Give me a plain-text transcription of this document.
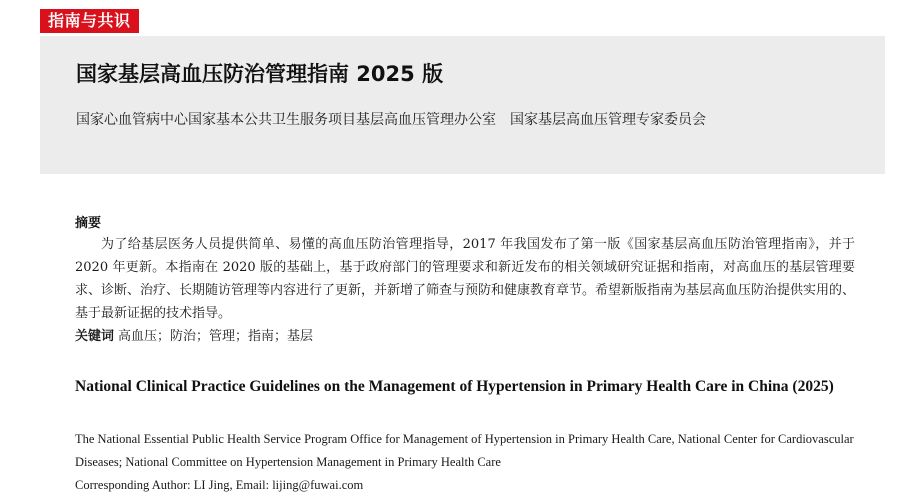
指南与共识
国家基层高血压防治管理指南 2025 版
国家心血管病中心国家基本公共卫生服务项目基层高血压管理办公室　国家基层高血压管理专家委员会
摘要

为了给基层医务人员提供简单、易懂的高血压防治管理指导，2017 年我国发布了第一版《国家基层高血压防治管理指南》，并于 2020 年更新。本指南在 2020 版的基础上，基于政府部门的管理要求和新近发布的相关领域研究证据和指南，对高血压的基层管理要求、诊断、治疗、长期随访管理等内容进行了更新，并新增了筛查与预防和健康教育章节。希望新版指南为基层高血压防治提供实用的、基于最新证据的技术指导。

关键词 高血压；防治；管理；指南；基层

National Clinical Practice Guidelines on the Management of Hypertension in Primary Health Care in China (2025)

The National Essential Public Health Service Program Office for Management of Hypertension in Primary Health Care, National Center for Cardiovascular Diseases; National Committee on Hypertension Management in Primary Health Care

Corresponding Author: LI Jing, Email: lijing@fuwai.com
